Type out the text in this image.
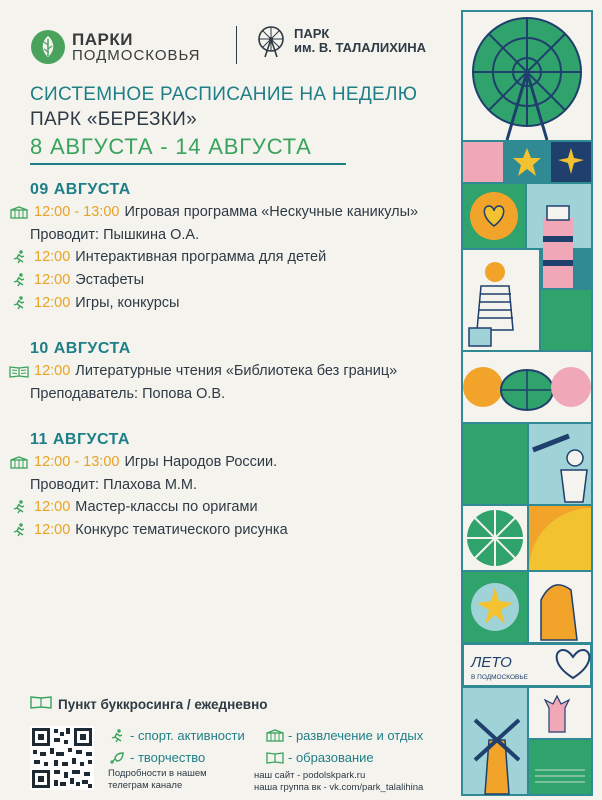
ПАРКИ
ПОДМОСКОВЬЯ
ПАРК
им. В. ТАЛАЛИХИНА
СИСТЕМНОЕ РАСПИСАНИЕ НА НЕДЕЛЮ
ПАРК «БЕРЕЗКИ»
8 АВГУСТА - 14 АВГУСТА
09 АВГУСТА
12:00 - 13:00 Игровая программа «Нескучные каникулы»
Проводит: Пышкина О.А.
12:00 Интерактивная программа для детей
12:00 Эстафеты
12:00 Игры, конкурсы
10 АВГУСТА
12:00 Литературные чтения «Библиотека без границ»
Преподаватель: Попова О.В.
11 АВГУСТА
12:00 - 13:00 Игры Народов России.
Проводит: Плахова М.М.
12:00 Мастер-классы по оригами
12:00 Конкурс тематического рисунка
ЛЕТО
В ПОДМОСКОВЬЕ
Пункт буккросинга / ежедневно
- спорт. активности	- развлечение и отдых
- творчество	- образование
Подробности в нашем
телеграм канале
наш сайт - podolskpark.ru
наша группа вк - vk.com/park_talalihina
